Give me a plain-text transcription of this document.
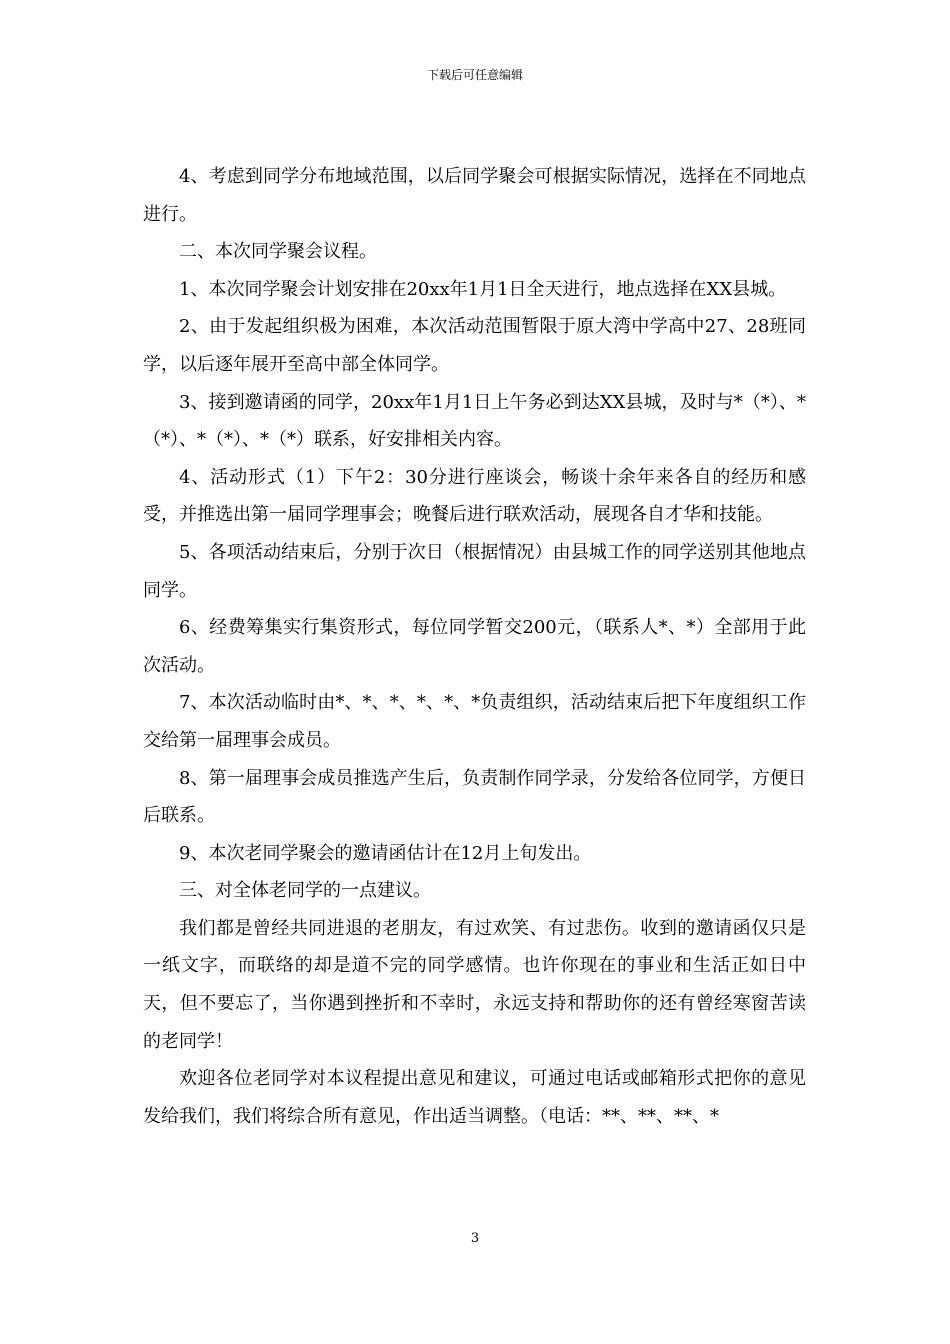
下载后可任意编辑

4、考虑到同学分布地域范围，以后同学聚会可根据实际情况，选择在不同地点进行。

二、本次同学聚会议程。

1、本次同学聚会计划安排在20xx年1月1日全天进行，地点选择在XX县城。

2、由于发起组织极为困难，本次活动范围暂限于原大湾中学高中27、28班同学，以后逐年展开至高中部全体同学。

3、接到邀请函的同学，20xx年1月1日上午务必到达XX县城，及时与*（*）、*（*）、*（*）、*（*）联系，好安排相关内容。

4、活动形式（1）下午2：30分进行座谈会，畅谈十余年来各自的经历和感受，并推选出第一届同学理事会；晚餐后进行联欢活动，展现各自才华和技能。

5、各项活动结束后，分别于次日（根据情况）由县城工作的同学送别其他地点同学。

6、经费筹集实行集资形式，每位同学暂交200元，（联系人*、*）全部用于此次活动。

7、本次活动临时由*、*、*、*、*、*负责组织，活动结束后把下年度组织工作交给第一届理事会成员。

8、第一届理事会成员推选产生后，负责制作同学录，分发给各位同学，方便日后联系。

9、本次老同学聚会的邀请函估计在12月上旬发出。

三、对全体老同学的一点建议。

我们都是曾经共同进退的老朋友，有过欢笑、有过悲伤。收到的邀请函仅只是一纸文字，而联络的却是道不完的同学感情。也许你现在的事业和生活正如日中天，但不要忘了，当你遇到挫折和不幸时，永远支持和帮助你的还有曾经寒窗苦读的老同学！

欢迎各位老同学对本议程提出意见和建议，可通过电话或邮箱形式把你的意见发给我们，我们将综合所有意见，作出适当调整。（电话：**、**、**、*

3
